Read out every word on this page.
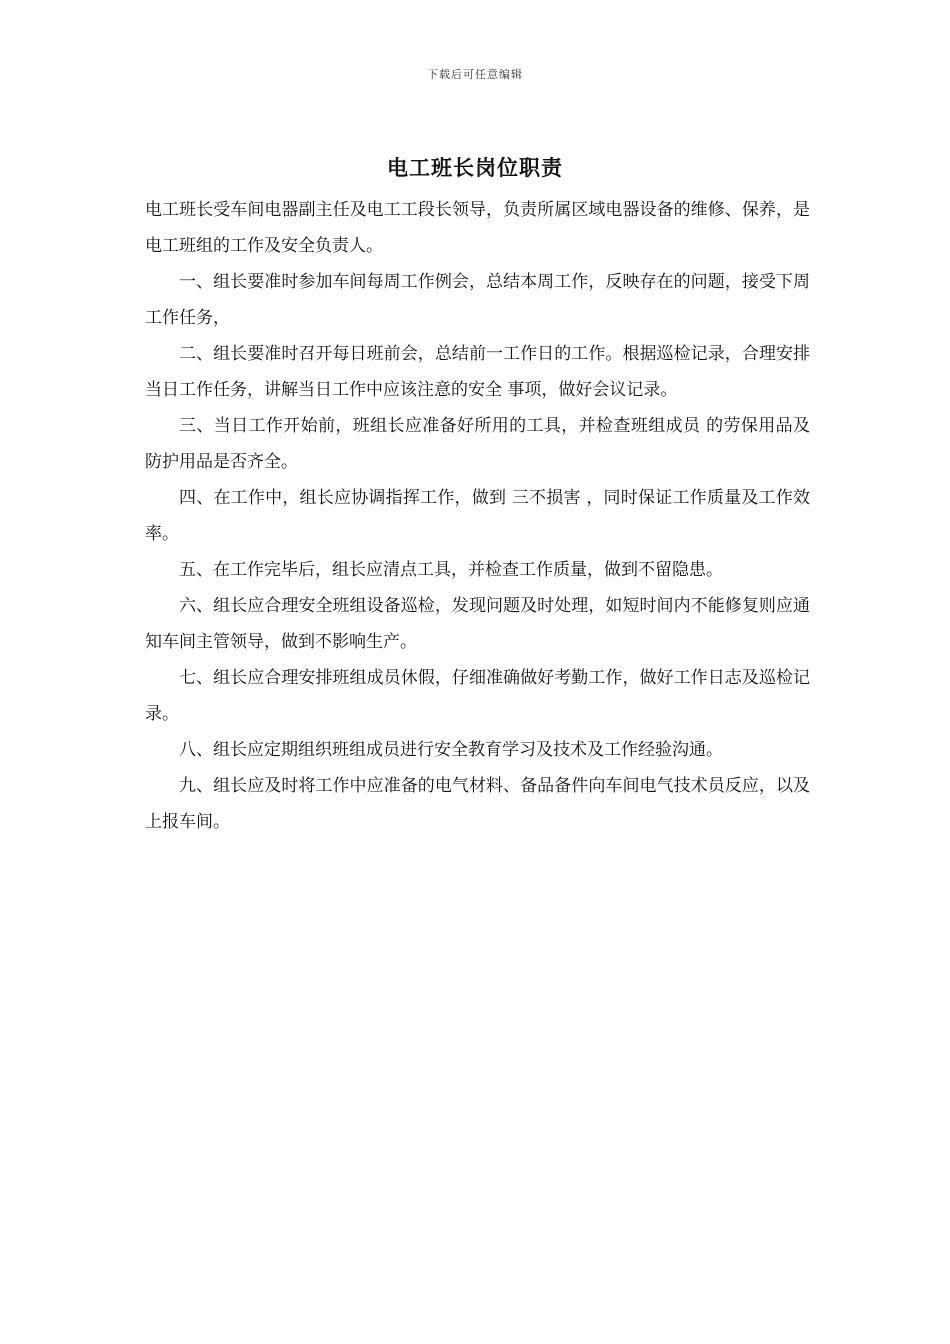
下载后可任意编辑
电工班长岗位职责

电工班长受车间电器副主任及电工工段长领导，负责所属区域电器设备的维修、保养，是电工班组的工作及安全负责人。

一、组长要准时参加车间每周工作例会，总结本周工作，反映存在的问题，接受下周工作任务，

二、组长要准时召开每日班前会，总结前一工作日的工作。根据巡检记录，合理安排当日工作任务，讲解当日工作中应该注意的安全 事项，做好会议记录。

三、当日工作开始前，班组长应准备好所用的工具，并检查班组成员 的劳保用品及防护用品是否齐全。

四、在工作中，组长应协调指挥工作，做到 三不损害 ，同时保证工作质量及工作效率。

五、在工作完毕后，组长应清点工具，并检查工作质量，做到不留隐患。

六、组长应合理安全班组设备巡检，发现问题及时处理，如短时间内不能修复则应通知车间主管领导，做到不影响生产。

七、组长应合理安排班组成员休假，仔细准确做好考勤工作，做好工作日志及巡检记录。

八、组长应定期组织班组成员进行安全教育学习及技术及工作经验沟通。

九、组长应及时将工作中应准备的电气材料、备品备件向车间电气技术员反应，以及上报车间。
